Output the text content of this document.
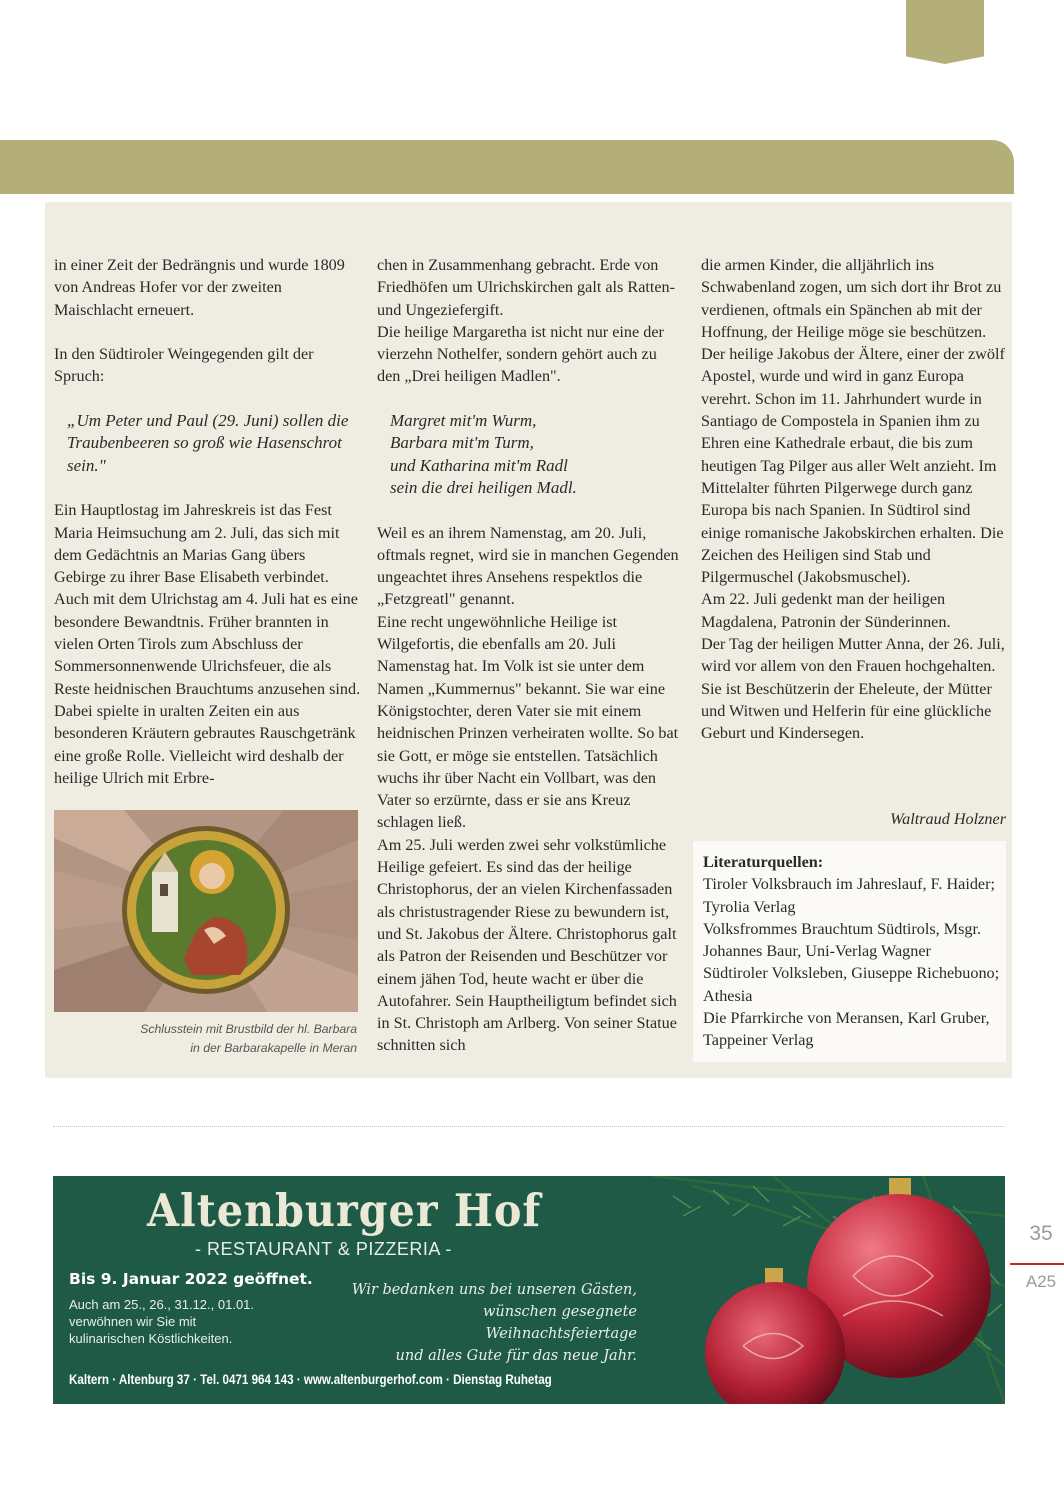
in einer Zeit der Bedrängnis und wurde 1809 von Andreas Hofer vor der zweiten Maischlacht erneuert.

In den Südtiroler Weingegenden gilt der Spruch:

„Um Peter und Paul (29. Juni) sollen die Traubenbeeren so groß wie Hasenschrot sein."

Ein Hauptlostag im Jahreskreis ist das Fest Maria Heimsuchung am 2. Juli, das sich mit dem Gedächtnis an Marias Gang übers Gebirge zu ihrer Base Elisabeth verbindet. Auch mit dem Ulrichstag am 4. Juli hat es eine besondere Bewandtnis. Früher brannten in vielen Orten Tirols zum Abschluss der Sommersonnenwende Ulrichsfeuer, die als Reste heidnischen Brauchtums anzusehen sind. Dabei spielte in uralten Zeiten ein aus besonderen Kräutern gebrautes Rauschgetränk eine große Rolle. Vielleicht wird deshalb der heilige Ulrich mit Erbre-

Schlusstein mit Brustbild der hl. Barbara
in der Barbarakapelle in Meran

chen in Zusammenhang gebracht. Erde von Friedhöfen um Ulrichskirchen galt als Ratten- und Ungeziefergift.

Die heilige Margaretha ist nicht nur eine der vierzehn Nothelfer, sondern gehört auch zu den „Drei heiligen Madlen".

Margret mit'm Wurm,
Barbara mit'm Turm,
und Katharina mit'm Radl
sein die drei heiligen Madl.

Weil es an ihrem Namenstag, am 20. Juli, oftmals regnet, wird sie in manchen Gegenden ungeachtet ihres Ansehens respektlos die „Fetzgreatl" genannt.

Eine recht ungewöhnliche Heilige ist Wilgefortis, die ebenfalls am 20. Juli Namenstag hat. Im Volk ist sie unter dem Namen „Kummernus" bekannt. Sie war eine Königstochter, deren Vater sie mit einem heidnischen Prinzen verheiraten wollte. So bat sie Gott, er möge sie entstellen. Tatsächlich wuchs ihr über Nacht ein Vollbart, was den Vater so erzürnte, dass er sie ans Kreuz schlagen ließ.

Am 25. Juli werden zwei sehr volkstümliche Heilige gefeiert. Es sind das der heilige Christophorus, der an vielen Kirchenfassaden als christustragender Riese zu bewundern ist, und St. Jakobus der Ältere. Christophorus galt als Patron der Reisenden und Beschützer vor einem jähen Tod, heute wacht er über die Autofahrer. Sein Hauptheiligtum befindet sich in St. Christoph am Arlberg. Von seiner Statue schnitten sich

die armen Kinder, die alljährlich ins Schwabenland zogen, um sich dort ihr Brot zu verdienen, oftmals ein Spänchen ab mit der Hoffnung, der Heilige möge sie beschützen.

Der heilige Jakobus der Ältere, einer der zwölf Apostel, wurde und wird in ganz Europa verehrt. Schon im 11. Jahrhundert wurde in Santiago de Compostela in Spanien ihm zu Ehren eine Kathedrale erbaut, die bis zum heutigen Tag Pilger aus aller Welt anzieht. Im Mittelalter führten Pilgerwege durch ganz Europa bis nach Spanien. In Südtirol sind einige romanische Jakobskirchen erhalten. Die Zeichen des Heiligen sind Stab und Pilgermuschel (Jakobsmuschel).

Am 22. Juli gedenkt man der heiligen Magdalena, Patronin der Sünderinnen.

Der Tag der heiligen Mutter Anna, der 26. Juli, wird vor allem von den Frauen hochgehalten. Sie ist Beschützerin der Eheleute, der Mütter und Witwen und Helferin für eine glückliche Geburt und Kindersegen.

Waltraud Holzner

Literaturquellen:

Tiroler Volksbrauch im Jahreslauf, F. Haider; Tyrolia Verlag

Volksfrommes Brauchtum Südtirols, Msgr. Johannes Baur, Uni-Verlag Wagner

Südtiroler Volksleben, Giuseppe Richebuono; Athesia

Die Pfarrkirche von Meransen, Karl Gruber, Tappeiner Verlag

Altenburger Hof
- RESTAURANT & PIZZERIA -
Bis 9. Januar 2022 geöffnet.

Auch am 25., 26., 31.12., 01.01.

verwöhnen wir Sie mit

kulinarischen Köstlichkeiten.

Wir bedanken uns bei unseren Gästen,

wünschen gesegnete Weihnachtsfeiertage

und alles Gute für das neue Jahr.

Kaltern · Altenburg 37 · Tel. 0471 964 143 · www.altenburgerhof.com · Dienstag Ruhetag
35
A25
